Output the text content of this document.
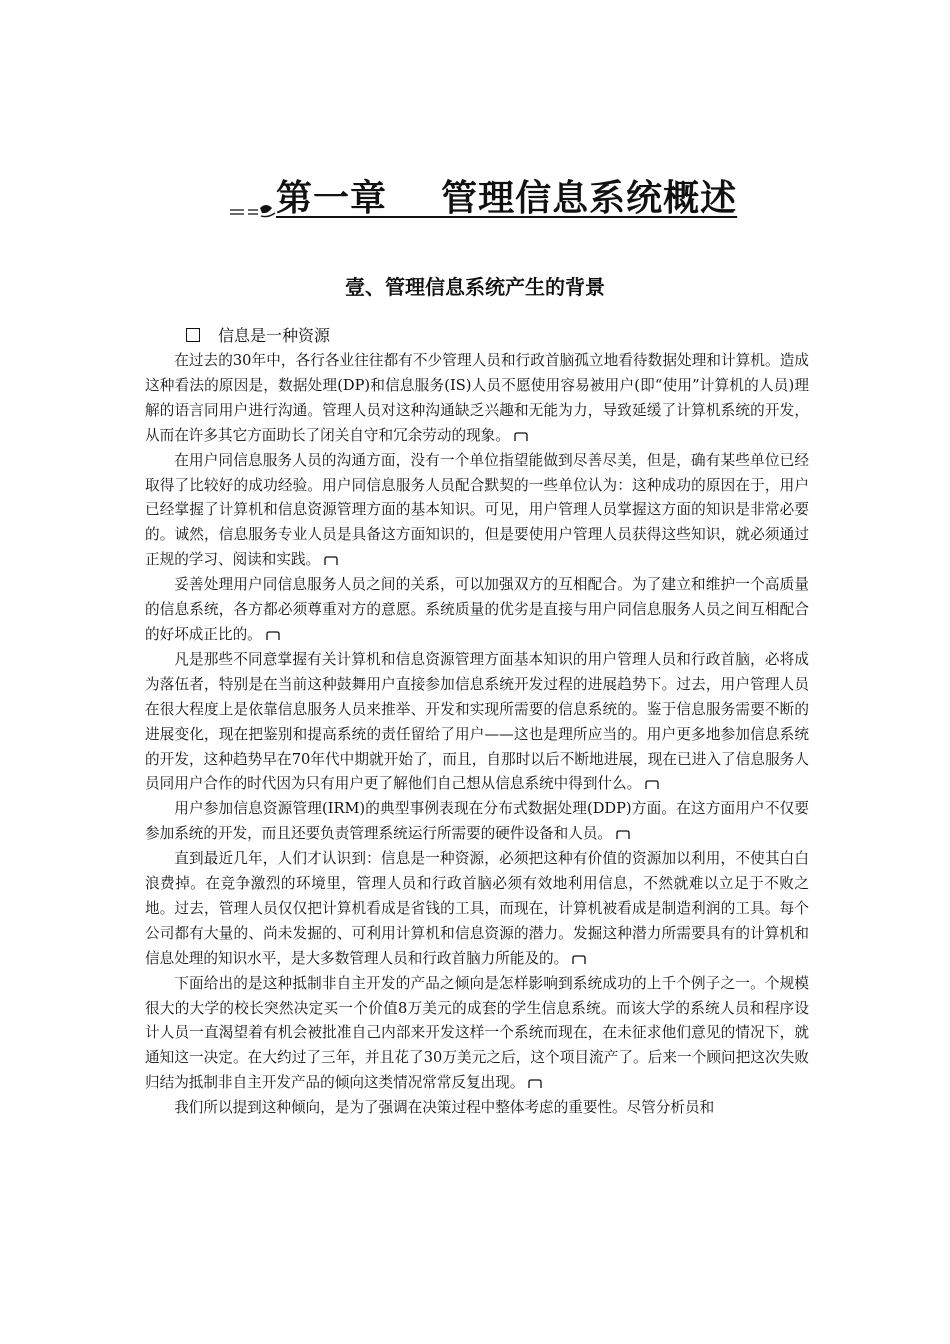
第一章    管理信息系统概述
壹、管理信息系统产生的背景
信息是一种资源

在过去的30年中，各行各业往往都有不少管理人员和行政首脑孤立地看待数据处理和计算机。造成这种看法的原因是，数据处理(DP)和信息服务(IS)人员不愿使用容易被用户(即“使用”计算机的人员)理解的语言同用户进行沟通。管理人员对这种沟通缺乏兴趣和无能为力，导致延缓了计算机系统的开发，从而在许多其它方面助长了闭关自守和冗余劳动的现象。

在用户同信息服务人员的沟通方面，没有一个单位指望能做到尽善尽美，但是，确有某些单位已经取得了比较好的成功经验。用户同信息服务人员配合默契的一些单位认为：这种成功的原因在于，用户已经掌握了计算机和信息资源管理方面的基本知识。可见，用户管理人员掌握这方面的知识是非常必要的。诚然，信息服务专业人员是具备这方面知识的，但是要使用户管理人员获得这些知识，就必须通过正规的学习、阅读和实践。

妥善处理用户同信息服务人员之间的关系，可以加强双方的互相配合。为了建立和维护一个高质量的信息系统，各方都必须尊重对方的意愿。系统质量的优劣是直接与用户同信息服务人员之间互相配合的好坏成正比的。

凡是那些不同意掌握有关计算机和信息资源管理方面基本知识的用户管理人员和行政首脑，必将成为落伍者，特别是在当前这种鼓舞用户直接参加信息系统开发过程的进展趋势下。过去，用户管理人员在很大程度上是依靠信息服务人员来推举、开发和实现所需要的信息系统的。鉴于信息服务需要不断的进展变化，现在把鉴别和提高系统的责任留给了用户——这也是理所应当的。用户更多地参加信息系统的开发，这种趋势早在70年代中期就开始了，而且，自那时以后不断地进展，现在已进入了信息服务人员同用户合作的时代因为只有用户更了解他们自己想从信息系统中得到什么。

用户参加信息资源管理(IRM)的典型事例表现在分布式数据处理(DDP)方面。在这方面用户不仅要参加系统的开发，而且还要负责管理系统运行所需要的硬件设备和人员。

直到最近几年，人们才认识到：信息是一种资源，必须把这种有价值的资源加以利用，不使其白白浪费掉。在竞争激烈的环境里，管理人员和行政首脑必须有效地利用信息，不然就难以立足于不败之地。过去，管理人员仅仅把计算机看成是省钱的工具，而现在，计算机被看成是制造利润的工具。每个公司都有大量的、尚未发掘的、可利用计算机和信息资源的潜力。发掘这种潜力所需要具有的计算机和信息处理的知识水平，是大多数管理人员和行政首脑力所能及的。

下面给出的是这种抵制非自主开发的产品之倾向是怎样影响到系统成功的上千个例子之一。个规模很大的大学的校长突然决定买一个价值8万美元的成套的学生信息系统。而该大学的系统人员和程序设计人员一直渴望着有机会被批准自己内部来开发这样一个系统而现在，在未征求他们意见的情况下，就通知这一决定。在大约过了三年，并且花了30万美元之后，这个项目流产了。后来一个顾问把这次失败归结为抵制非自主开发产品的倾向这类情况常常反复出现。

我们所以提到这种倾向，是为了强调在决策过程中整体考虑的重要性。尽管分析员和
